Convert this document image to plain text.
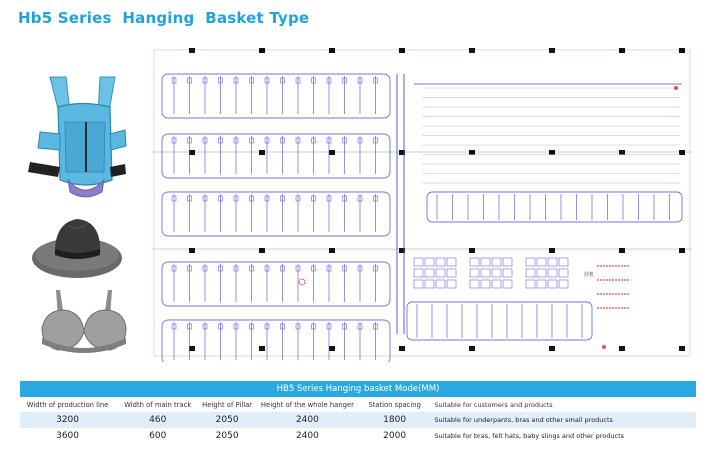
Hb5 Series  Hanging  Basket Type
挂机
HB5 Series Hanging basket Mode(MM)
Width of production line	Width of main track	Height of Pillar	Height of the whole hanger	Station spacing	Suitable for customers and products
3200	460	2050	2400	1800	Suitable for underpants, bras and other small products
3600	600	2050	2400	2000	Suitable for bras, felt hats, baby slings and other products
